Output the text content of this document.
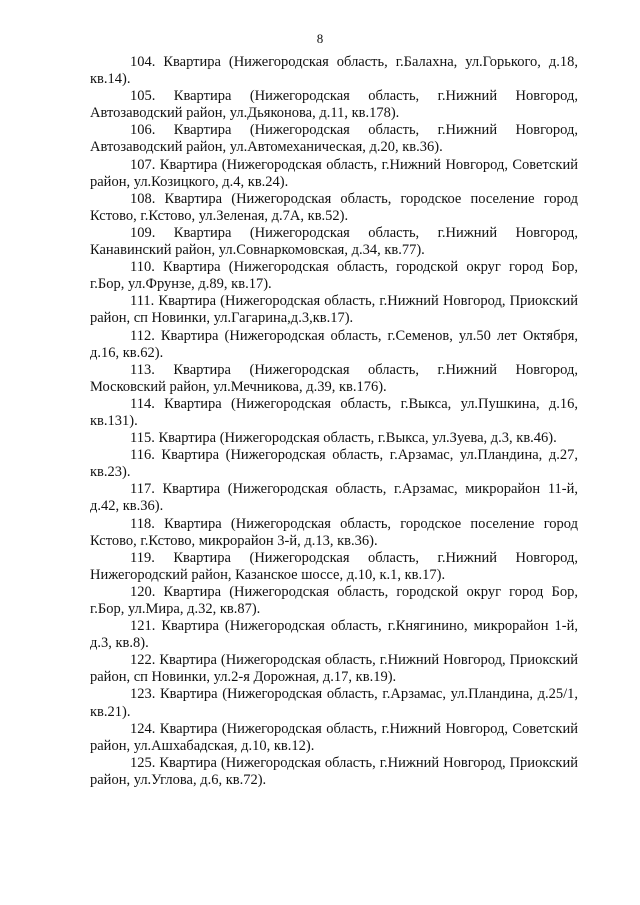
8

104. Квартира (Нижегородская область, г.Балахна, ул.Горького, д.18, кв.14).

105. Квартира (Нижегородская область, г.Нижний Новгород, Автозаводский район, ул.Дьяконова, д.11, кв.178).

106. Квартира (Нижегородская область, г.Нижний Новгород, Автозаводский район, ул.Автомеханическая, д.20, кв.36).

107. Квартира (Нижегородская область, г.Нижний Новгород, Советский район, ул.Козицкого, д.4, кв.24).

108. Квартира (Нижегородская область, городское поселение город Кстово, г.Кстово, ул.Зеленая, д.7А, кв.52).

109. Квартира (Нижегородская область, г.Нижний Новгород, Канавинский район, ул.Совнаркомовская, д.34, кв.77).

110. Квартира (Нижегородская область, городской округ город Бор, г.Бор, ул.Фрунзе, д.89, кв.17).

111. Квартира (Нижегородская область, г.Нижний Новгород, Приокский район, сп Новинки, ул.Гагарина,д.3,кв.17).

112. Квартира (Нижегородская область, г.Семенов, ул.50 лет Октября, д.16, кв.62).

113. Квартира (Нижегородская область, г.Нижний Новгород, Московский район, ул.Мечникова, д.39, кв.176).

114. Квартира (Нижегородская область, г.Выкса, ул.Пушкина, д.16, кв.131).

115. Квартира (Нижегородская область, г.Выкса, ул.Зуева, д.3, кв.46).

116. Квартира (Нижегородская область, г.Арзамас, ул.Пландина, д.27, кв.23).

117. Квартира (Нижегородская область, г.Арзамас, микрорайон 11-й, д.42, кв.36).

118. Квартира (Нижегородская область, городское поселение город Кстово, г.Кстово, микрорайон 3-й, д.13, кв.36).

119. Квартира (Нижегородская область, г.Нижний Новгород, Нижегородский район, Казанское шоссе, д.10, к.1, кв.17).

120. Квартира (Нижегородская область, городской округ город Бор, г.Бор, ул.Мира, д.32, кв.87).

121. Квартира (Нижегородская область, г.Княгинино, микрорайон 1-й, д.3, кв.8).

122. Квартира (Нижегородская область, г.Нижний Новгород, Приокский район, сп Новинки, ул.2-я Дорожная, д.17, кв.19).

123. Квартира (Нижегородская область, г.Арзамас, ул.Пландина, д.25/1, кв.21).

124. Квартира (Нижегородская область, г.Нижний Новгород, Советский район, ул.Ашхабадская, д.10, кв.12).

125. Квартира (Нижегородская область, г.Нижний Новгород, Приокский район, ул.Углова, д.6, кв.72).
